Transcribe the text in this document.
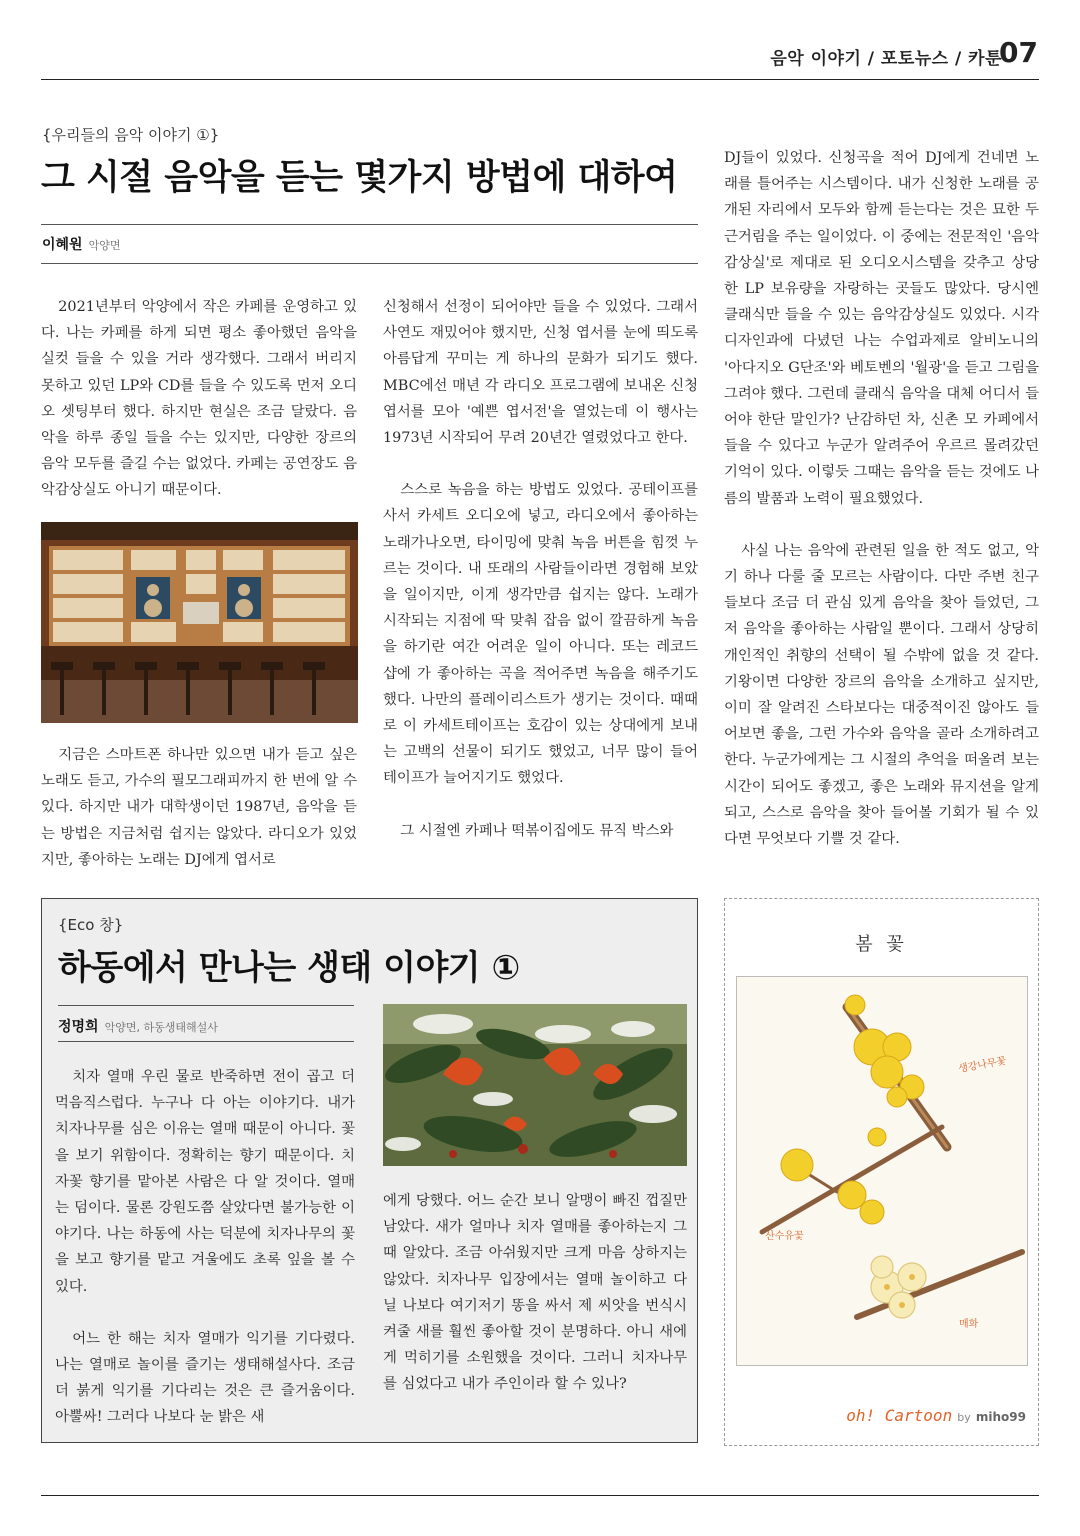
음악 이야기 / 포토뉴스 / 카툰
07
{우리들의 음악 이야기 ①}
그 시절 음악을 듣는 몇가지 방법에 대하여
이혜원 악양면

2021년부터 악양에서 작은 카페를 운영하고 있다. 나는 카페를 하게 되면 평소 좋아했던 음악을 실컷 들을 수 있을 거라 생각했다. 그래서 버리지 못하고 있던 LP와 CD를 들을 수 있도록 먼저 오디오 셋팅부터 했다. 하지만 현실은 조금 달랐다. 음악을 하루 종일 들을 수는 있지만, 다양한 장르의 음악 모두를 즐길 수는 없었다. 카페는 공연장도 음악감상실도 아니기 때문이다.

지금은 스마트폰 하나만 있으면 내가 듣고 싶은 노래도 듣고, 가수의 필모그래피까지 한 번에 알 수 있다. 하지만 내가 대학생이던 1987년, 음악을 듣는 방법은 지금처럼 쉽지는 않았다. 라디오가 있었지만, 좋아하는 노래는 DJ에게 엽서로

신청해서 선정이 되어야만 들을 수 있었다. 그래서 사연도 재밌어야 했지만, 신청 엽서를 눈에 띄도록 아름답게 꾸미는 게 하나의 문화가 되기도 했다. MBC에선 매년 각 라디오 프로그램에 보내온 신청 엽서를 모아 '예쁜 엽서전'을 열었는데 이 행사는 1973년 시작되어 무려 20년간 열렸었다고 한다.

스스로 녹음을 하는 방법도 있었다. 공테이프를 사서 카세트 오디오에 넣고, 라디오에서 좋아하는 노래가나오면, 타이밍에 맞춰 녹음 버튼을 힘껏 누르는 것이다. 내 또래의 사람들이라면 경험해 보았을 일이지만, 이게 생각만큼 쉽지는 않다. 노래가 시작되는 지점에 딱 맞춰 잡음 없이 깔끔하게 녹음을 하기란 여간 어려운 일이 아니다. 또는 레코드 샵에 가 좋아하는 곡을 적어주면 녹음을 해주기도 했다. 나만의 플레이리스트가 생기는 것이다. 때때로 이 카세트테이프는 호감이 있는 상대에게 보내는 고백의 선물이 되기도 했었고, 너무 많이 들어 테이프가 늘어지기도 했었다.

그 시절엔 카페나 떡볶이집에도 뮤직 박스와

DJ들이 있었다. 신청곡을 적어 DJ에게 건네면 노래를 틀어주는 시스템이다. 내가 신청한 노래를 공개된 자리에서 모두와 함께 듣는다는 것은 묘한 두근거림을 주는 일이었다. 이 중에는 전문적인 '음악감상실'로 제대로 된 오디오시스템을 갖추고 상당한 LP 보유량을 자랑하는 곳들도 많았다. 당시엔 클래식만 들을 수 있는 음악감상실도 있었다. 시각디자인과에 다녔던 나는 수업과제로 알비노니의 '아다지오 G단조'와 베토벤의 '월광'을 듣고 그림을 그려야 했다. 그런데 클래식 음악을 대체 어디서 들어야 한단 말인가? 난감하던 차, 신촌 모 카페에서 들을 수 있다고 누군가 알려주어 우르르 몰려갔던 기억이 있다. 이렇듯 그때는 음악을 듣는 것에도 나름의 발품과 노력이 필요했었다.

사실 나는 음악에 관련된 일을 한 적도 없고, 악기 하나 다룰 줄 모르는 사람이다. 다만 주변 친구들보다 조금 더 관심 있게 음악을 찾아 들었던, 그저 음악을 좋아하는 사람일 뿐이다. 그래서 상당히 개인적인 취향의 선택이 될 수밖에 없을 것 같다. 기왕이면 다양한 장르의 음악을 소개하고 싶지만, 이미 잘 알려진 스타보다는 대중적이진 않아도 들어보면 좋을, 그런 가수와 음악을 골라 소개하려고 한다. 누군가에게는 그 시절의 추억을 떠올려 보는 시간이 되어도 좋겠고, 좋은 노래와 뮤지션을 알게 되고, 스스로 음악을 찾아 들어볼 기회가 될 수 있다면 무엇보다 기쁠 것 같다.

{Eco 창}
하동에서 만나는 생태 이야기 ①
정명희 악양면, 하동생태해설사

치자 열매 우린 물로 반죽하면 전이 곱고 더 먹음직스럽다. 누구나 다 아는 이야기다. 내가 치자나무를 심은 이유는 열매 때문이 아니다. 꽃을 보기 위함이다. 정확히는 향기 때문이다. 치자꽃 향기를 맡아본 사람은 다 알 것이다. 열매는 덤이다. 물론 강원도쯤 살았다면 불가능한 이야기다. 나는 하동에 사는 덕분에 치자나무의 꽃을 보고 향기를 맡고 겨울에도 초록 잎을 볼 수 있다.

어느 한 해는 치자 열매가 익기를 기다렸다. 나는 열매로 놀이를 즐기는 생태해설사다. 조금 더 붉게 익기를 기다리는 것은 큰 즐거움이다. 아뿔싸! 그러다 나보다 눈 밝은 새

에게 당했다. 어느 순간 보니 알맹이 빠진 껍질만 남았다. 새가 얼마나 치자 열매를 좋아하는지 그때 알았다. 조금 아쉬웠지만 크게 마음 상하지는 않았다. 치자나무 입장에서는 열매 놀이하고 다닐 나보다 여기저기 똥을 싸서 제 씨앗을 번식시켜줄 새를 훨씬 좋아할 것이 분명하다. 아니 새에게 먹히기를 소원했을 것이다. 그러니 치자나무를 심었다고 내가 주인이라 할 수 있나?

봄 꽃
생강나무꽃
산수유꽃
매화
oh! Cartoon by miho99
